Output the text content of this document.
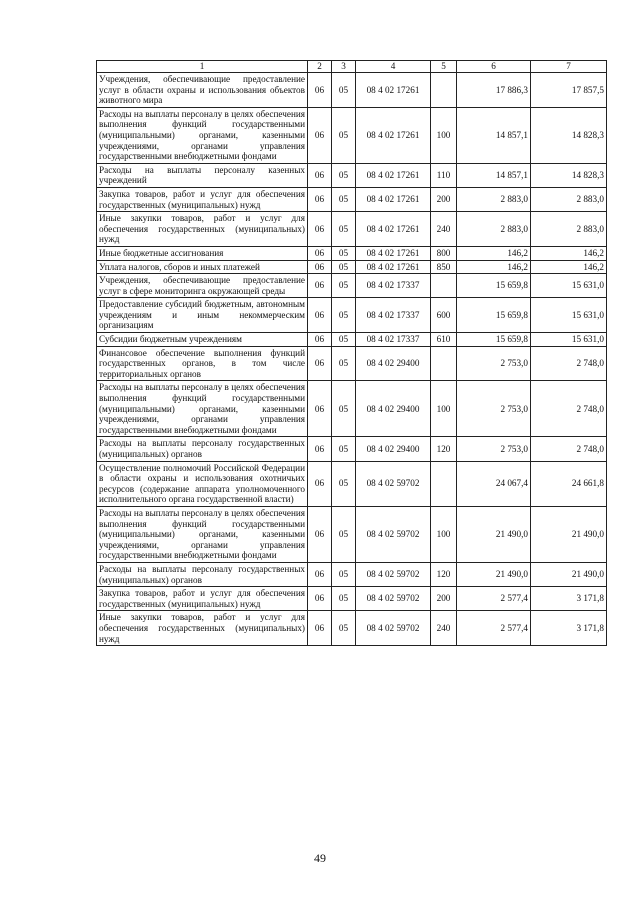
1	2	3	4	5	6	7
Учреждения, обеспечивающие предоставление услуг в области охраны и использования объектов животного мира	06	05	08 4 02 17261		17 886,3	17 857,5
Расходы на выплаты персоналу в целях обеспечения выполнения функций государственными (муниципальными) органами, казенными учреждениями, органами управления государственными внебюджетными фондами	06	05	08 4 02 17261	100	14 857,1	14 828,3
Расходы на выплаты персоналу казенных учреждений	06	05	08 4 02 17261	110	14 857,1	14 828,3
Закупка товаров, работ и услуг для обеспечения государственных (муниципальных) нужд	06	05	08 4 02 17261	200	2 883,0	2 883,0
Иные закупки товаров, работ и услуг для обеспечения государственных (муниципальных) нужд	06	05	08 4 02 17261	240	2 883,0	2 883,0
Иные бюджетные ассигнования	06	05	08 4 02 17261	800	146,2	146,2
Уплата налогов, сборов и иных платежей	06	05	08 4 02 17261	850	146,2	146,2
Учреждения, обеспечивающие предоставление услуг в сфере мониторинга окружающей среды	06	05	08 4 02 17337		15 659,8	15 631,0
Предоставление субсидий бюджетным, автономным учреждениям и иным некоммерческим организациям	06	05	08 4 02 17337	600	15 659,8	15 631,0
Субсидии бюджетным учреждениям	06	05	08 4 02 17337	610	15 659,8	15 631,0
Финансовое обеспечение выполнения функций государственных органов, в том числе территориальных органов	06	05	08 4 02 29400		2 753,0	2 748,0
Расходы на выплаты персоналу в целях обеспечения выполнения функций государственными (муниципальными) органами, казенными учреждениями, органами управления государственными внебюджетными фондами	06	05	08 4 02 29400	100	2 753,0	2 748,0
Расходы на выплаты персоналу государственных (муниципальных) органов	06	05	08 4 02 29400	120	2 753,0	2 748,0
Осуществление полномочий Российской Федерации в области охраны и использования охотничьих ресурсов (содержание аппарата уполномоченного исполнительного органа государственной власти)	06	05	08 4 02 59702		24 067,4	24 661,8
Расходы на выплаты персоналу в целях обеспечения выполнения функций государственными (муниципальными) органами, казенными учреждениями, органами управления государственными внебюджетными фондами	06	05	08 4 02 59702	100	21 490,0	21 490,0
Расходы на выплаты персоналу государственных (муниципальных) органов	06	05	08 4 02 59702	120	21 490,0	21 490,0
Закупка товаров, работ и услуг для обеспечения государственных (муниципальных) нужд	06	05	08 4 02 59702	200	2 577,4	3 171,8
Иные закупки товаров, работ и услуг для обеспечения государственных (муниципальных) нужд	06	05	08 4 02 59702	240	2 577,4	3 171,8
49
